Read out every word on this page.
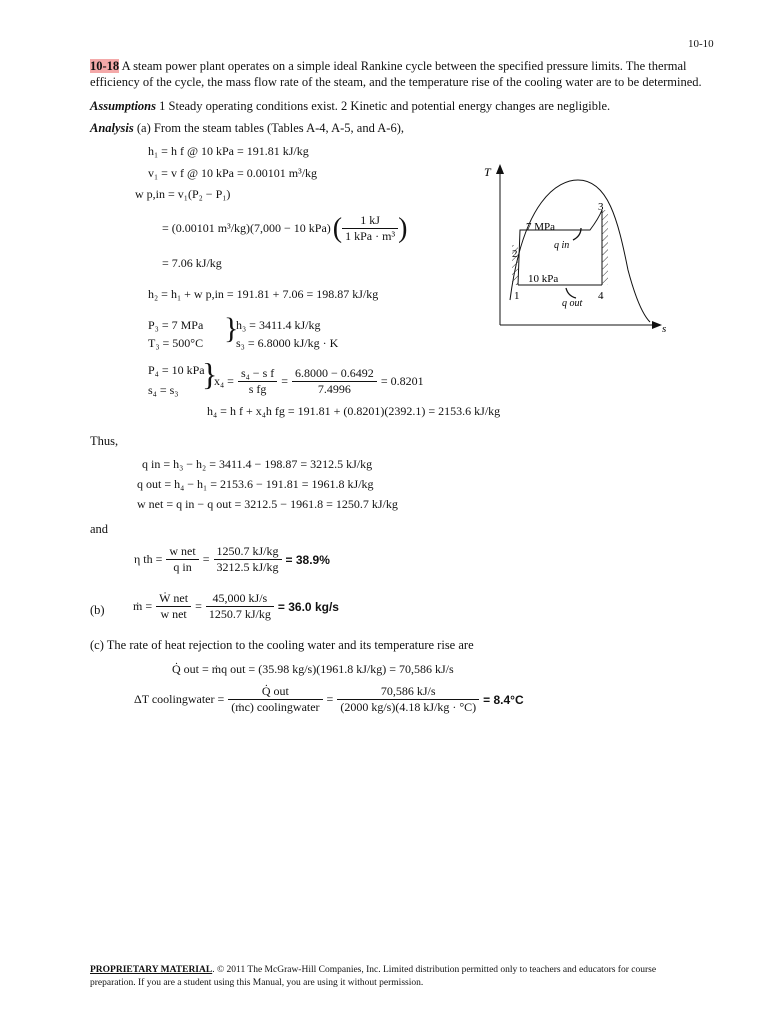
10-10
10-18 A steam power plant operates on a simple ideal Rankine cycle between the specified pressure limits. The thermal
efficiency of the cycle, the mass flow rate of the steam, and the temperature rise of the cooling water are to be determined.
Assumptions 1 Steady operating conditions exist. 2 Kinetic and potential energy changes are negligible.
Analysis (a) From the steam tables (Tables A-4, A-5, and A-6),
h₁ = h f @ 10 kPa = 191.81 kJ/kg
v₁ = v f @ 10 kPa = 0.00101 m³/kg
w p,in = v₁(P₂ − P₁)
= (0.00101 m³/kg)(7,000 − 10 kPa) ( $\frac{1 kJ}{\text{1 kPa · m³}}$ )
= 7.06 kJ/kg
h₂ = h₁ + w p,in = 191.81 + 7.06 = 198.87 kJ/kg
P₃ = 7 MPa
T₃ = 500°C }
h₃ = 3411.4 kJ/kg
s₃ = 6.8000 kJ/kg · K
P₄ = 10 kPa
s₄ = s₃ }
$x_4 = \frac{\text{s₄ − s f}}{\text{s fg}} = \frac{6.8000 - 0.6492}{7.4996} = 0.8201$
h₄ = h f + x₄h fg = 191.81 + (0.8201)(2392.1) = 2153.6 kJ/kg
Thus,
q in = h₃ − h₂ = 3411.4 − 198.87 = 3212.5 kJ/kg
q out = h₄ − h₁ = 2153.6 − 191.81 = 1961.8 kJ/kg
w net = q in − q out = 3212.5 − 1961.8 = 1250.7 kJ/kg
and
η th = $\frac{\text{w net}}{\text{q in}} = \frac{1250.7 kJ/kg}{3212.5 kJ/kg} = 38.9\%$
(b) ṁ = $\frac{\text{Ẇ net}}{\text{w net}} = \frac{45,000 kJ/s}{1250.7 kJ/kg} = 36.0$ kg/s
(c) The rate of heat rejection to the cooling water and its temperature rise are
Q̇ out = ṁq out = (35.98 kg/s)(1961.8 kJ/kg) = 70,586 kJ/s
ΔT coolingwater = $\frac{\text{Q̇ out}}{\text{(ṁc) coolingwater}} = \frac{70,586 kJ/s}{(2000 kg/s)(4.18 kJ/kg \cdot ^\circ C)} = 8.4^\circ C$
T
s
7 MPa
q in
10 kPa
q out
1
2
3
4
PROPRIETARY MATERIAL. © 2011 The McGraw-Hill Companies, Inc. Limited distribution permitted only to teachers and educators for course
preparation. If you are a student using this Manual, you are using it without permission.
